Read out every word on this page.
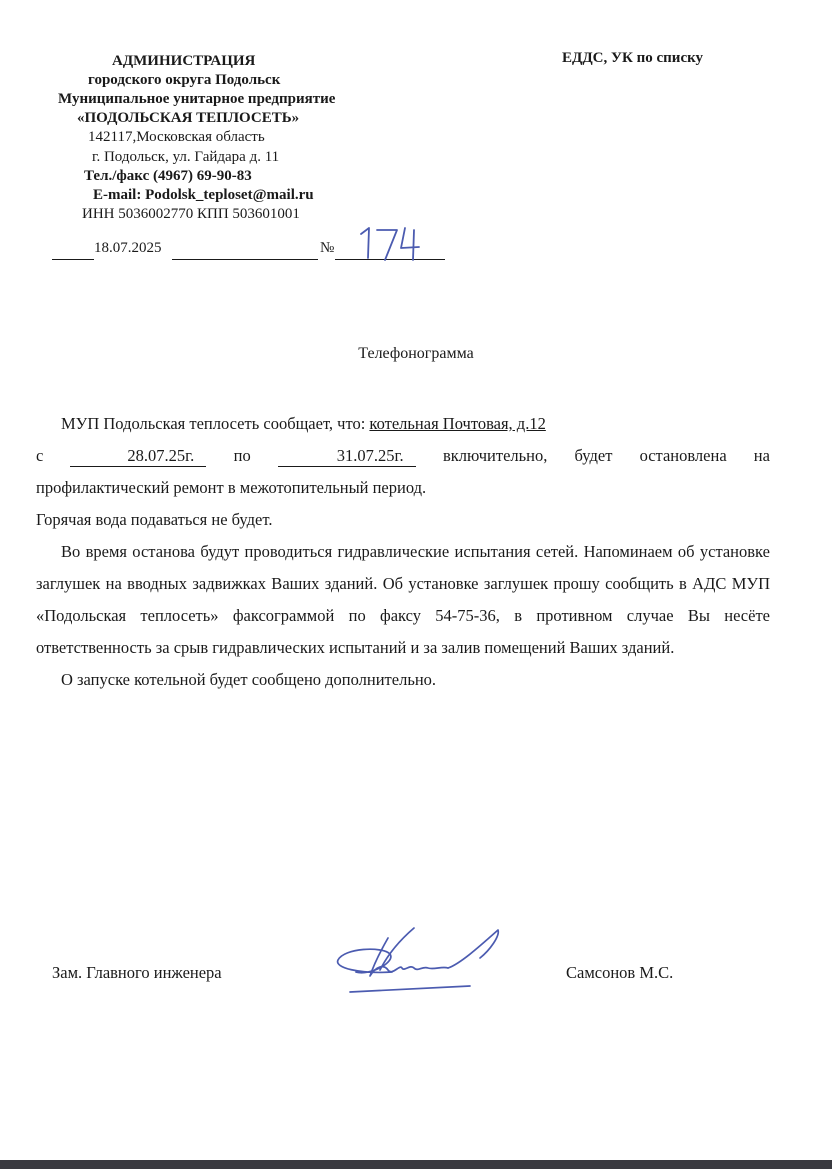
АДМИНИСТРАЦИЯ
городского округа Подольск
Муниципальное унитарное предприятие
«ПОДОЛЬСКАЯ ТЕПЛОСЕТЬ»
142117,Московская область
г. Подольск, ул. Гайдара д. 11
Тел./факс (4967) 69-90-83
E-mail: Podolsk_teploset@mail.ru
ИНН 5036002770 КПП 503601001
ЕДДС, УК по списку
18.07.2025	№
Телефонограмма

МУП Подольская теплосеть сообщает, что: котельная Почтовая, д.12

с	28.07.25г.	по	31.07.25г.	включительно, будет остановлена на

профилактический ремонт в межотопительный период.

Горячая вода подаваться не будет.

Во время останова будут проводиться гидравлические испытания сетей. Напоминаем об установке заглушек на вводных задвижках Ваших зданий. Об установке заглушек прошу сообщить в АДС МУП «Подольская теплосеть» факсограммой по факсу 54-75-36, в противном случае Вы несёте ответственность за срыв гидравлических испытаний и за залив помещений Ваших зданий.

О запуске котельной будет сообщено дополнительно.

Зам. Главного инженера	Самсонов М.С.
